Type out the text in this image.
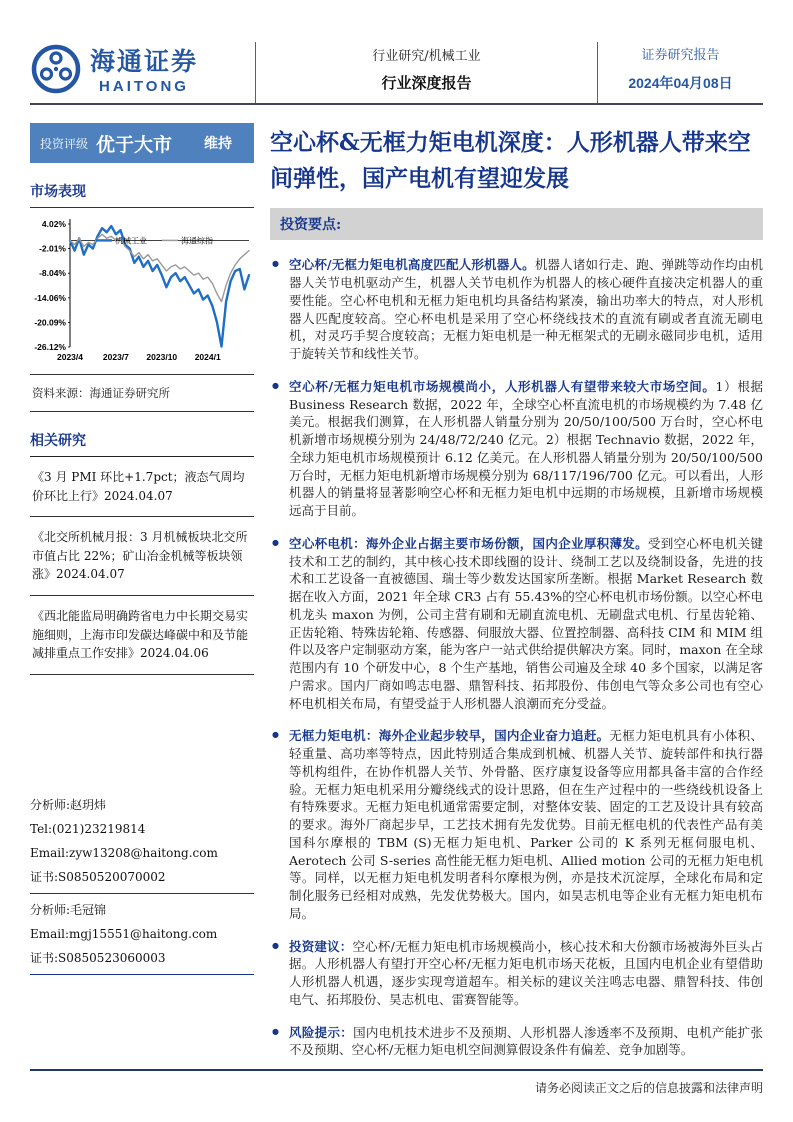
海通证券
HAITONG
行业研究/机械工业
行业深度报告
证券研究报告
2024年04月08日
投资评级 优于大市 维持
市场表现
4.02%
-2.01%
-8.04%
-14.06%
-20.09%
-26.12%
2023/4 2023/7 2023/10 2024/1
机械工业	海通综指
资料来源：海通证券研究所
相关研究
《3 月 PMI 环比+1.7pct；液态气周均价环比上行》2024.04.07
《北交所机械月报：3 月机械板块北交所市值占比 22%；矿山冶金机械等板块领涨》2024.04.07
《西北能监局明确跨省电力中长期交易实施细则，上海市印发碳达峰碳中和及节能减排重点工作安排》2024.04.06
分析师:赵玥炜
Tel:(021)23219814
Email:zyw13208@haitong.com
证书:S0850520070002
分析师:毛冠锦
Email:mgj15551@haitong.com
证书:S0850523060003
空心杯&无框力矩电机深度：人形机器人带来空间弹性，国产电机有望迎发展
投资要点:
● 空心杯/无框力矩电机高度匹配人形机器人。机器人诸如行走、跑、弹跳等动作均由机器人关节电机驱动产生，机器人关节电机作为机器人的核心硬件直接决定机器人的重要性能。空心杯电机和无框力矩电机均具备结构紧凑，输出功率大的特点，对人形机器人匹配度较高。空心杯电机是采用了空心杯绕线技术的直流有刷或者直流无刷电机，对灵巧手契合度较高；无框力矩电机是一种无框架式的无刷永磁同步电机，适用于旋转关节和线性关节。
● 空心杯/无框力矩电机市场规模尚小，人形机器人有望带来较大市场空间。1）根据 Business Research 数据，2022 年，全球空心杯直流电机的市场规模约为 7.48 亿美元。根据我们测算，在人形机器人销量分别为 20/50/100/500 万台时，空心杯电机新增市场规模分别为 24/48/72/240 亿元。2）根据 Technavio 数据，2022 年，全球力矩电机市场规模预计 6.12 亿美元。在人形机器人销量分别为 20/50/100/500 万台时，无框力矩电机新增市场规模分别为 68/117/196/700 亿元。可以看出，人形机器人的销量将显著影响空心杯和无框力矩电机中远期的市场规模，且新增市场规模远高于目前。
● 空心杯电机：海外企业占据主要市场份额，国内企业厚积薄发。受到空心杯电机关键技术和工艺的制约，其中核心技术即线圈的设计、绕制工艺以及绕制设备，先进的技术和工艺设备一直被德国、瑞士等少数发达国家所垄断。根据 Market Research 数据在收入方面，2021 年全球 CR3 占有 55.43%的空心杯电机市场份额。以空心杯电机龙头 maxon 为例，公司主营有刷和无刷直流电机、无刷盘式电机、行星齿轮箱、正齿轮箱、特殊齿轮箱、传感器、伺服放大器、位置控制器、高科技 CIM 和 MIM 组件以及客户定制驱动方案，能为客户一站式供给提供解决方案。同时，maxon 在全球范围内有 10 个研发中心，8 个生产基地，销售公司遍及全球 40 多个国家，以满足客户需求。国内厂商如鸣志电器、鼎智科技、拓邦股份、伟创电气等众多公司也有空心杯电机相关布局，有望受益于人形机器人浪潮而充分受益。
● 无框力矩电机：海外企业起步较早，国内企业奋力追赶。无框力矩电机具有小体积、轻重量、高功率等特点，因此特别适合集成到机械、机器人关节、旋转部件和执行器等机构组件，在协作机器人关节、外骨骼、医疗康复设备等应用都具备丰富的合作经验。无框力矩电机采用分瓣绕线式的设计思路，但在生产过程中的一些绕线机设备上有特殊要求。无框力矩电机通常需要定制，对整体安装、固定的工艺及设计具有较高的要求。海外厂商起步早，工艺技术拥有先发优势。目前无框电机的代表性产品有美国科尔摩根的 TBM (S)无框力矩电机、Parker 公司的 K 系列无框伺服电机、Aerotech 公司 S-series 高性能无框力矩电机、Allied motion 公司的无框力矩电机等。同样，以无框力矩电机发明者科尔摩根为例，亦是技术沉淀厚，全球化布局和定制化服务已经相对成熟，先发优势极大。国内，如昊志机电等企业有无框力矩电机布局。
● 投资建议：空心杯/无框力矩电机市场规模尚小，核心技术和大份额市场被海外巨头占据。人形机器人有望打开空心杯/无框力矩电机市场天花板，且国内电机企业有望借助人形机器人机遇，逐步实现弯道超车。相关标的建议关注鸣志电器、鼎智科技、伟创电气、拓邦股份、昊志机电、雷赛智能等。
● 风险提示：国内电机技术进步不及预期、人形机器人渗透率不及预期、电机产能扩张不及预期、空心杯/无框力矩电机空间测算假设条件有偏差、竞争加剧等。
请务必阅读正文之后的信息披露和法律声明
